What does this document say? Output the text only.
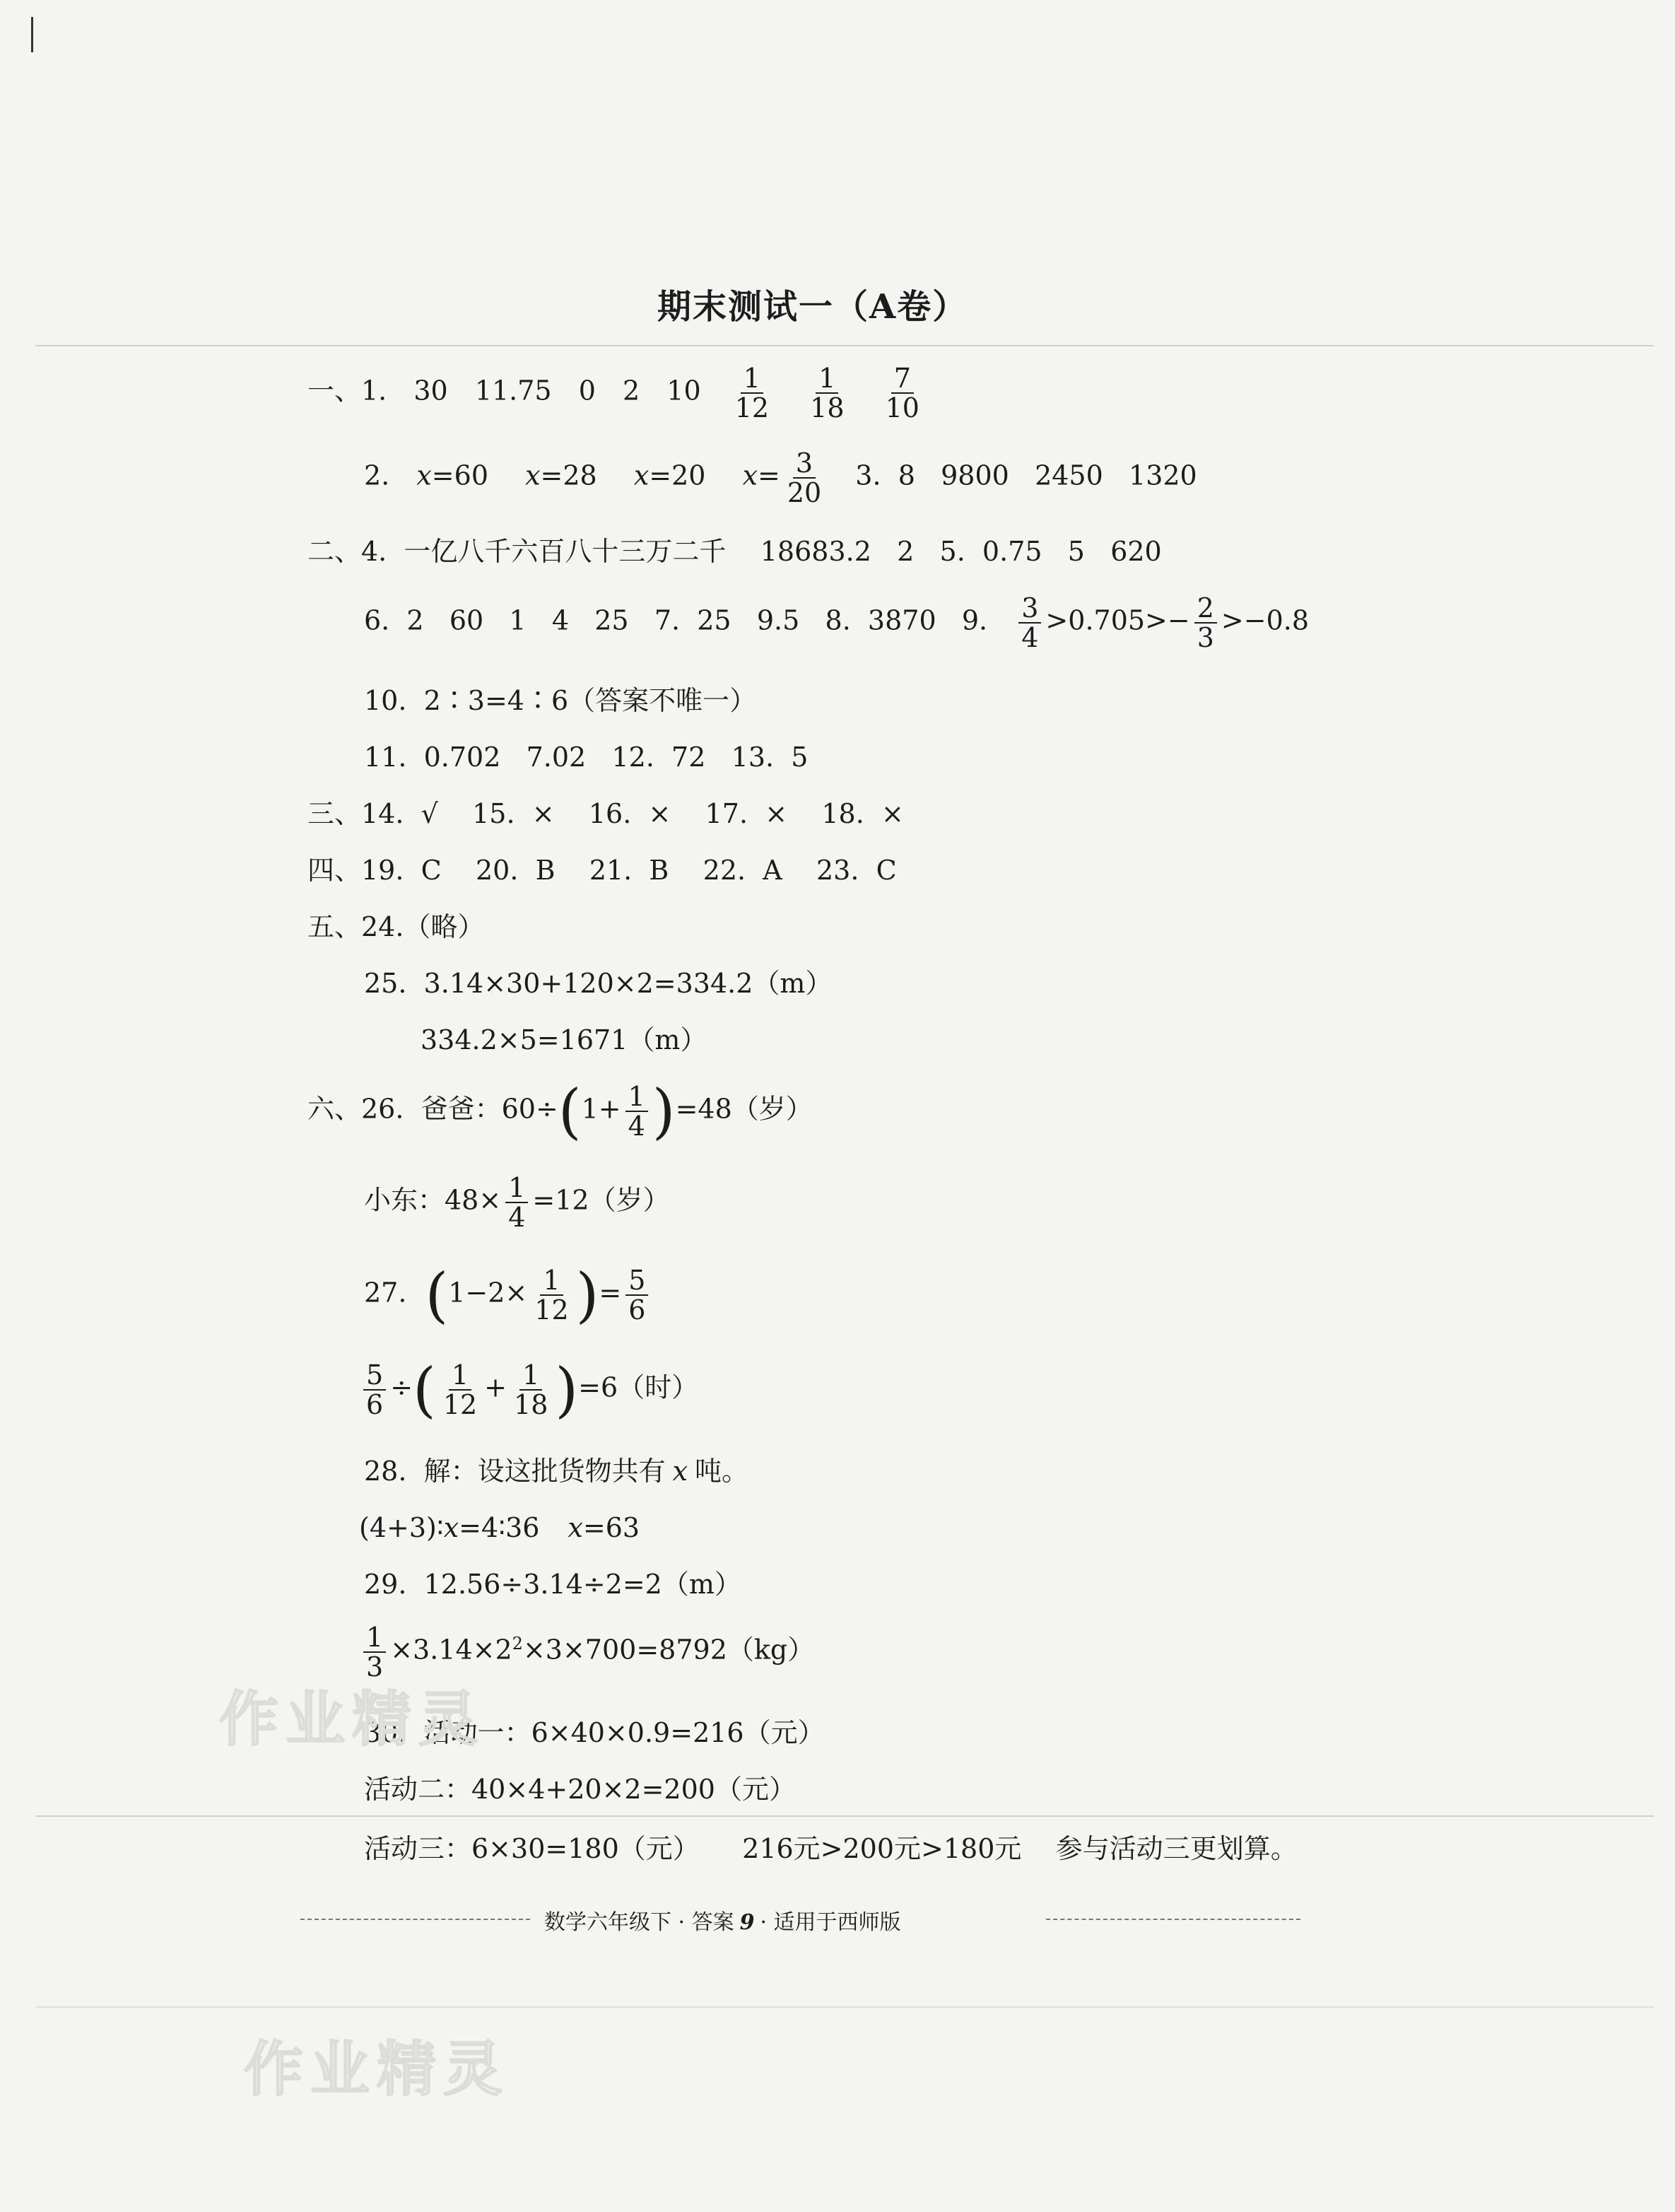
期末测试一（A卷）
一、1. 30 11.75 0 2 $10 \frac{1}{12}$
$\frac{1}{18}$
$\frac{7}{10}$
2. x=60 x=28 x=20 $x= \frac{3}{20} 3$.  8   9800   2450   1320
二、4.  一亿八千六百八十三万二千    18683.2   2   5.  0.75   5   620
6.  2   60   1   4   25   7.  25   9.5   8.  3870   9. $\frac{3}{4} >0.705>- \frac{2}{3} >-0.8$
10.  2∶3=4∶6（答案不唯一）
11.  0.702   7.02   12.  72   13.  5
三、14.  √    15.  ×    16.  ×    17.  ×    18.  ×
四、19.  C    20.  B    21.  B    22.  A    23.  C
五、24.（略）
25.  3.14×30+120×2=334.2（m）
334.2×5=1671（m）
六、26.  爸爸：$60\div(1+ \frac{1}{4} )=48$（岁）
小东：$48\times \frac{1}{4} =12$（岁）
27. ($1-2\times \frac{1}{12}$ )= $\frac{5}{6}$
$\frac{5}{6}$ ÷( $\frac{1}{12} + \frac{1}{18} )=6$（时）
28.  解：设这批货物共有 x 吨。
(4+3)∶x=4∶36 x=63
29.  12.56÷3.14÷2=2（m）
$\frac{1}{3} \times 3.14\times 2^2\times 3\times 700=8792(kg)$
30.  活动一：6×40×0.9=216（元）
活动二：40×4+20×2=200（元）
活动三：6×30=180（元）     216元>200元>180元    参与活动三更划算。
数学六年级下 · 答案 9 · 适用于西师版
作业精灵
作业精灵
